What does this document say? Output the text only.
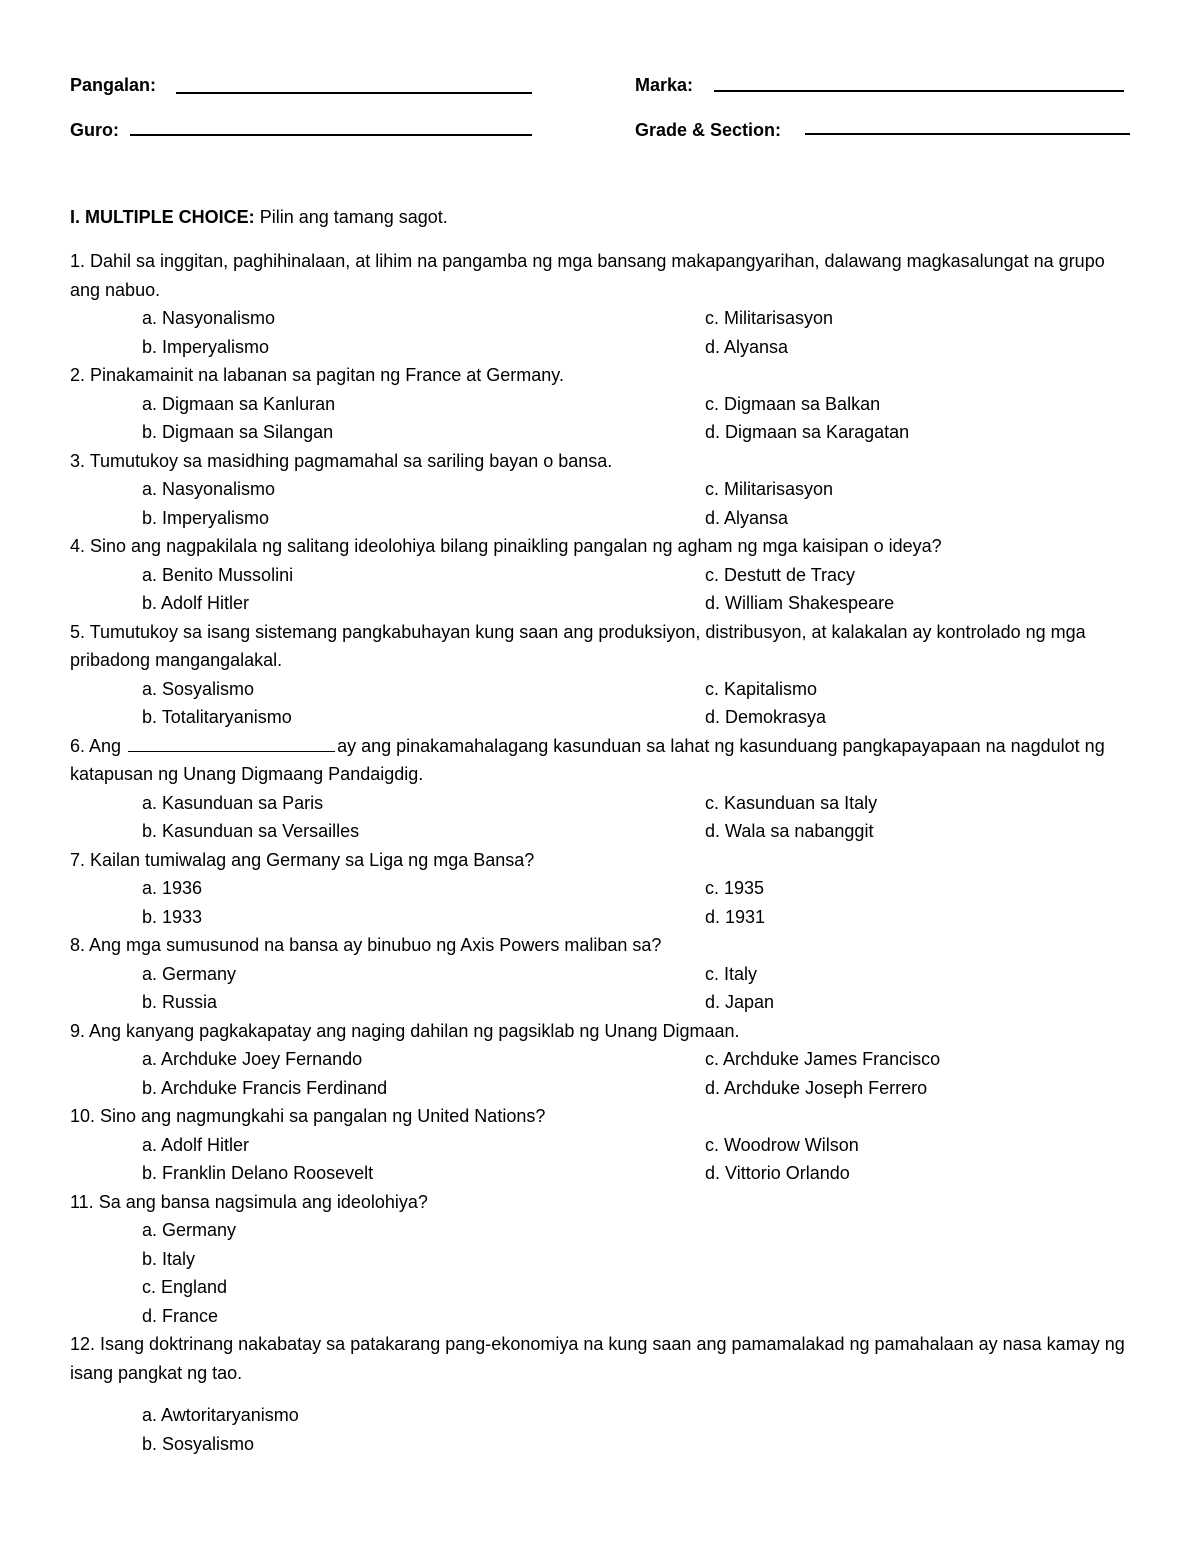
Pangalan:	Marka:
Guro:	Grade & Section:
I. MULTIPLE CHOICE: Pilin ang tamang sagot.
1. Dahil sa inggitan, paghihinalaan, at lihim na pangamba ng mga bansang makapangyarihan, dalawang magkasalungat na grupo ang nabuo.
a. Nasyonalismo	c. Militarisasyon
b. Imperyalismo	d. Alyansa
2. Pinakamainit na labanan sa pagitan ng France at Germany.
a. Digmaan sa Kanluran	c. Digmaan sa Balkan
b. Digmaan sa Silangan	d. Digmaan sa Karagatan
3. Tumutukoy sa masidhing pagmamahal sa sariling bayan o bansa.
a. Nasyonalismo	c. Militarisasyon
b. Imperyalismo	d. Alyansa
4. Sino ang nagpakilala ng salitang ideolohiya bilang pinaikling pangalan ng agham ng mga kaisipan o ideya?
a. Benito Mussolini	c. Destutt de Tracy
b. Adolf Hitler	d. William Shakespeare
5. Tumutukoy sa isang sistemang pangkabuhayan kung saan ang produksiyon, distribusyon, at kalakalan ay kontrolado ng mga pribadong mangangalakal.
a. Sosyalismo	c. Kapitalismo
b. Totalitaryanismo	d. Demokrasya
6. Ang	ay ang pinakamahalagang kasunduan sa lahat ng kasunduang pangkapayapaan na nagdulot ng katapusan ng Unang Digmaang Pandaigdig.
a. Kasunduan sa Paris	c. Kasunduan sa Italy
b. Kasunduan sa Versailles	d. Wala sa nabanggit
7. Kailan tumiwalag ang Germany sa Liga ng mga Bansa?
a. 1936	c. 1935
b. 1933	d. 1931
8. Ang mga sumusunod na bansa ay binubuo ng Axis Powers maliban sa?
a. Germany	c. Italy
b. Russia	d. Japan
9. Ang kanyang pagkakapatay ang naging dahilan ng pagsiklab ng Unang Digmaan.
a. Archduke Joey Fernando	c. Archduke James Francisco
b. Archduke Francis Ferdinand	d. Archduke Joseph Ferrero
10. Sino ang nagmungkahi sa pangalan ng United Nations?
a. Adolf Hitler	c. Woodrow Wilson
b. Franklin Delano Roosevelt	d. Vittorio Orlando
11. Sa ang bansa nagsimula ang ideolohiya?
a. Germany
b. Italy
c. England
d. France
12. Isang doktrinang nakabatay sa patakarang pang-ekonomiya na kung saan ang pamamalakad ng pamahalaan ay nasa kamay ng isang pangkat ng tao.
a. Awtoritaryanismo
b. Sosyalismo
